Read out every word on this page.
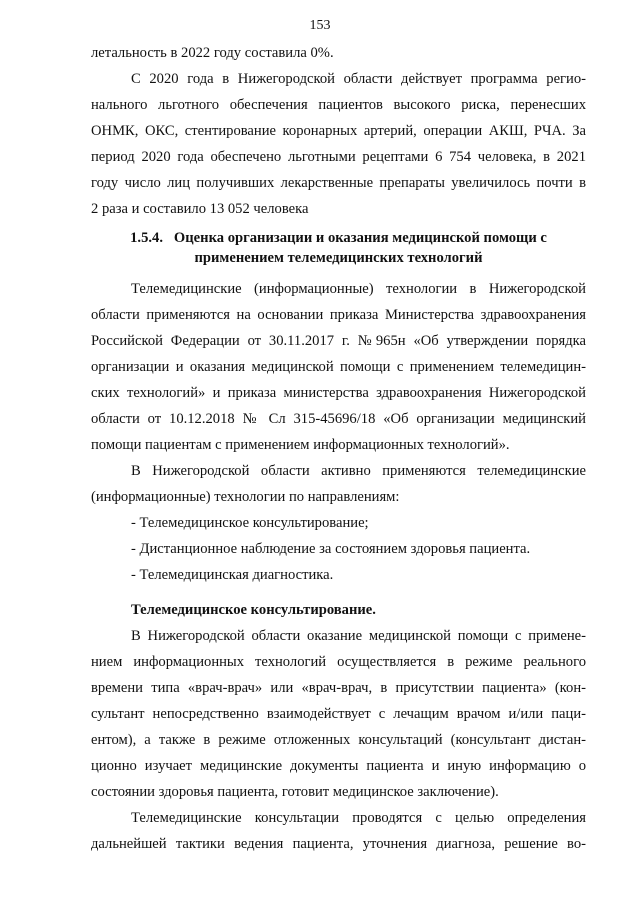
153
летальность в 2022 году составила 0%.
С 2020 года в Нижегородской области действует программа регио-
нального льготного обеспечения пациентов высокого риска, перенесших
ОНМК, ОКС, стентирование коронарных артерий, операции АКШ, РЧА. За
период 2020 года обеспечено льготными рецептами 6 754 человека, в 2021
году число лиц получивших лекарственные препараты увеличилось почти в
2 раза и составило 13 052 человека
1.5.4. Оценка организации и оказания медицинской помощи с
применением телемедицинских технологий
Телемедицинские (информационные) технологии в Нижегородской
области применяются на основании приказа Министерства здравоохранения
Российской Федерации от 30.11.2017 г. №965н «Об утверждении порядка
организации и оказания медицинской помощи с применением телемедицин-
ских технологий» и приказа министерства здравоохранения Нижегородской
области от 10.12.2018 № Сл 315-45696/18 «Об организации медицинский
помощи пациентам с применением информационных технологий».
В Нижегородской области активно применяются телемедицинские
(информационные) технологии по направлениям:
- Телемедицинское консультирование;
- Дистанционное наблюдение за состоянием здоровья пациента.
- Телемедицинская диагностика.
Телемедицинское консультирование.
В Нижегородской области оказание медицинской помощи с примене-
нием информационных технологий осуществляется в режиме реального
времени типа «врач-врач» или «врач-врач, в присутствии пациента» (кон-
сультант непосредственно взаимодействует с лечащим врачом и/или паци-
ентом), а также в режиме отложенных консультаций (консультант дистан-
ционно изучает медицинские документы пациента и иную информацию о
состоянии здоровья пациента, готовит медицинское заключение).
Телемедицинские консультации проводятся с целью определения
дальнейшей тактики ведения пациента, уточнения диагноза, решение во-
